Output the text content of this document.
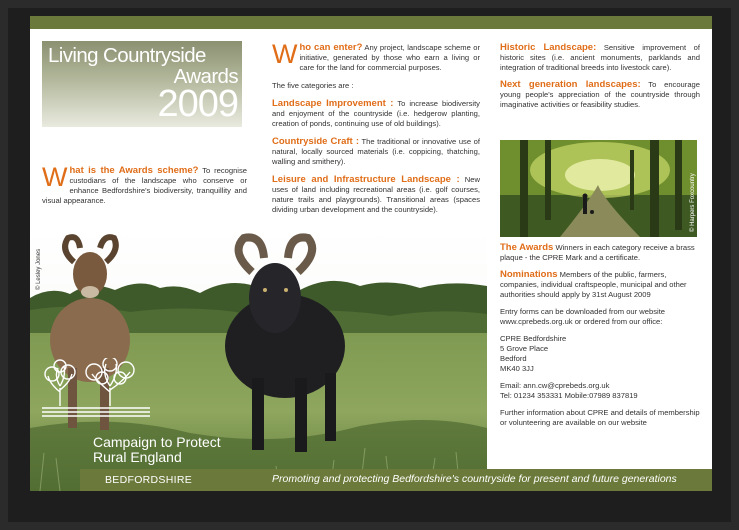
Living Countryside
Awards
2009
What is the Awards scheme? To recognise custodians of the landscape who conserve or enhance Bedfordshire's biodiversity, tranquillity and visual appearance.
© Lesley Jones
Campaign to Protect
Rural England
BEDFORDSHIRE	Promoting and protecting Bedfordshire's countryside for present and future generations

Who can enter? Any project, landscape scheme or initiative, generated by those who earn a living or care for the land for commercial purposes.

The five categories are :

Landscape Improvement : To increase biodiversity and enjoyment of the countryside (i.e. hedgerow planting, creation of ponds, continuing use of old buildings).

Countryside Craft : The traditional or innovative use of natural, locally sourced materials (i.e. coppicing, thatching, walling and smithery).

Leisure and Infrastructure Landscape : New uses of land including recreational areas (i.e. golf courses, nature trails and playgrounds). Transitional areas (spaces dividing urban development and the countryside).

Historic Landscape: Sensitive improvement of historic sites (i.e. ancient monuments, parklands and integration of traditional breeds into livestock care).

Next generation landscapes: To encourage young people's appreciation of the countryside through imaginative activities or feasibility studies.

© Harpers Foxcountry

The Awards Winners in each category receive a brass plaque - the CPRE Mark and a certificate.

Nominations Members of the public, farmers, companies, individual craftspeople, municipal and other authorities should apply by 31st August 2009

Entry forms can be downloaded from our website www.cprebeds.org.uk or ordered from our office:

CPRE Bedfordshire
5 Grove Place
Bedford
MK40 3JJ

Email: ann.cw@cprebeds.org.uk
Tel: 01234 353331 Mobile:07989 837819

Further information about CPRE and details of membership or volunteering are available on our website
